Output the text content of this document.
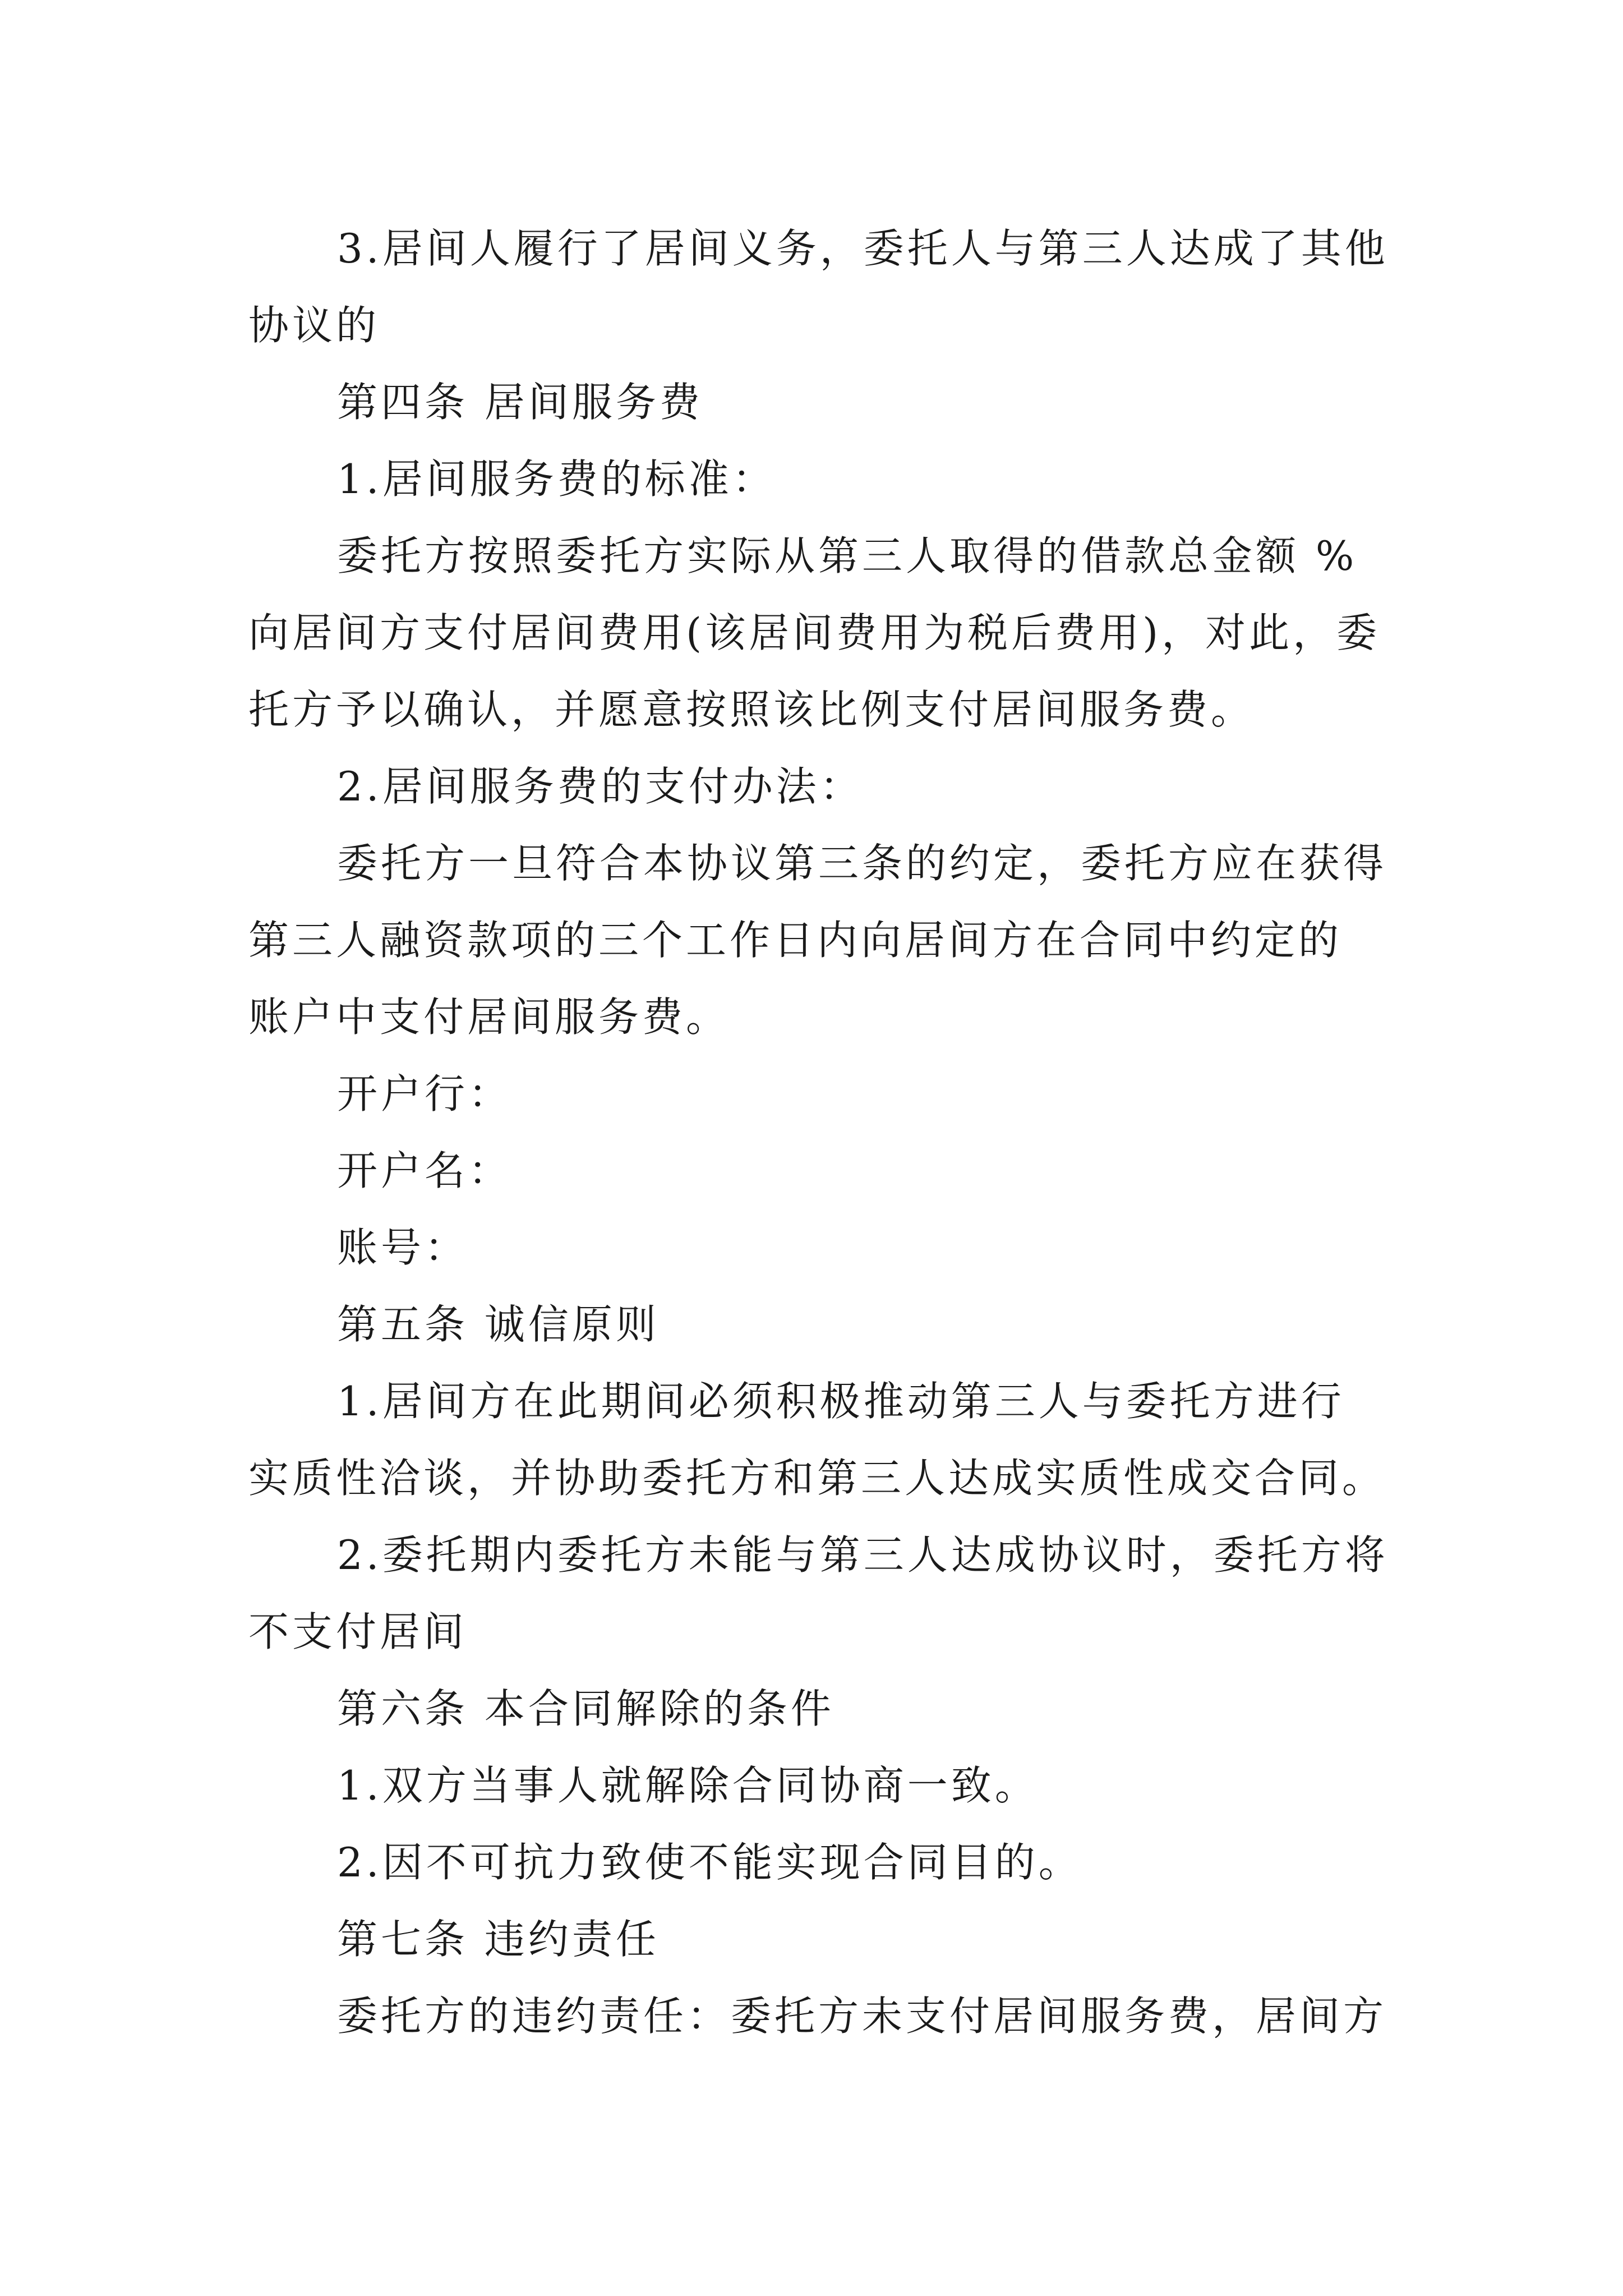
3.居间人履行了居间义务，委托人与第三人达成了其他
协议的
第四条 居间服务费
1.居间服务费的标准：
委托方按照委托方实际从第三人取得的借款总金额 %
向居间方支付居间费用(该居间费用为税后费用)，对此，委
托方予以确认，并愿意按照该比例支付居间服务费。
2.居间服务费的支付办法：
委托方一旦符合本协议第三条的约定，委托方应在获得
第三人融资款项的三个工作日内向居间方在合同中约定的
账户中支付居间服务费。
开户行：
开户名：
账号：
第五条 诚信原则
1.居间方在此期间必须积极推动第三人与委托方进行
实质性洽谈，并协助委托方和第三人达成实质性成交合同。
2.委托期内委托方未能与第三人达成协议时，委托方将
不支付居间
第六条 本合同解除的条件
1.双方当事人就解除合同协商一致。
2.因不可抗力致使不能实现合同目的。
第七条 违约责任
委托方的违约责任：委托方未支付居间服务费，居间方
